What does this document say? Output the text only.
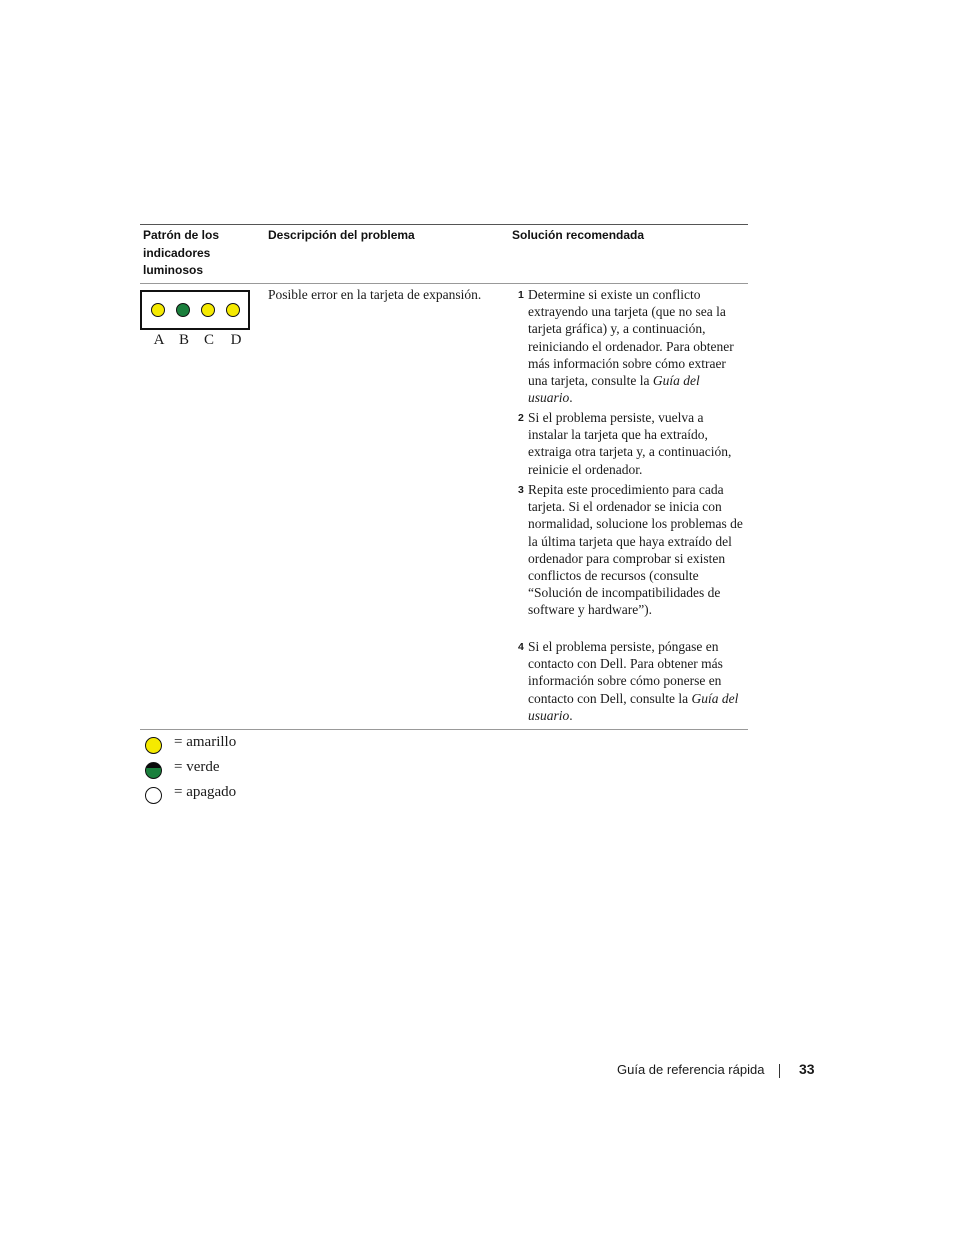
Patrón de los indicadores luminosos
Descripción del problema	Solución recomendada
A B C D
Posible error en la tarjeta de expansión.	1 Determine si existe un conflicto extrayendo una tarjeta (que no sea la tarjeta gráfica) y, a continuación, reiniciando el ordenador. Para obtener más información sobre cómo extraer una tarjeta, consulte la Guía del usuario.
2 Si el problema persiste, vuelva a instalar la tarjeta que ha extraído, extraiga otra tarjeta y, a continuación, reinicie el ordenador.
3 Repita este procedimiento para cada tarjeta. Si el ordenador se inicia con normalidad, solucione los problemas de la última tarjeta que haya extraído del ordenador para comprobar si existen conflictos de recursos (consulte “Solución de incompatibilidades de software y hardware”).
4 Si el problema persiste, póngase en contacto con Dell. Para obtener más información sobre cómo ponerse en contacto con Dell, consulte la Guía del usuario.
= amarillo
= verde
= apagado
Guía de referencia rápida 33
